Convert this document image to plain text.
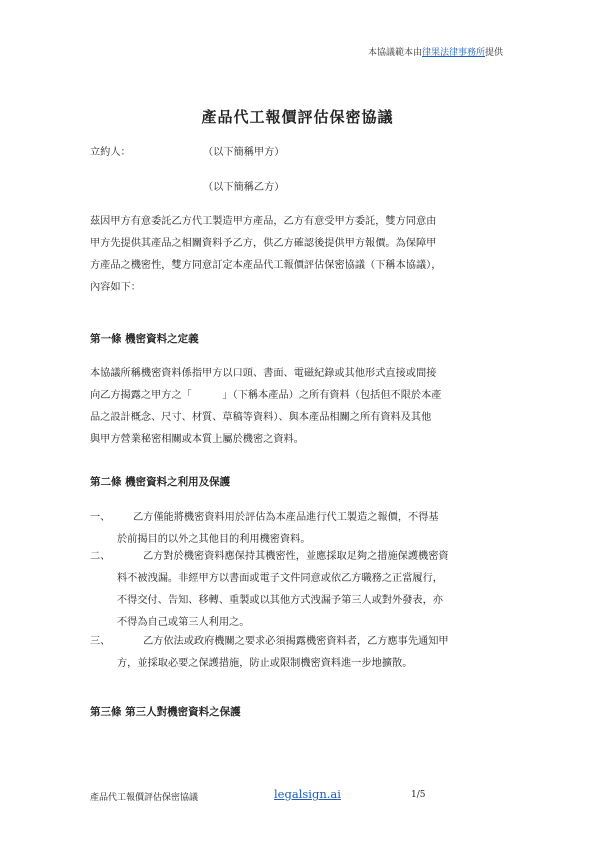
本協議範本由律果法律事務所提供
產品代工報價評估保密協議
立約人：	（以下簡稱甲方）
（以下簡稱乙方）
茲因甲方有意委託乙方代工製造甲方產品，乙方有意受甲方委託，雙方同意由
甲方先提供其產品之相關資料予乙方，供乙方確認後提供甲方報價。為保障甲
方產品之機密性，雙方同意訂定本產品代工報價評估保密協議（下稱本協議），
內容如下：
第一條 機密資料之定義
本協議所稱機密資料係指甲方以口頭、書面、電磁紀錄或其他形式直接或間接
向乙方揭露之甲方之「　　　」（下稱本產品）之所有資料（包括但不限於本產
品之設計概念、尺寸、材質、草稿等資料）、與本產品相關之所有資料及其他
與甲方營業秘密相關或本質上屬於機密之資料。
第二條 機密資料之利用及保護
一、	乙方僅能將機密資料用於評估為本產品進行代工製造之報價，不得基
於前揭目的以外之其他目的利用機密資料。
二、	乙方對於機密資料應保持其機密性，並應採取足夠之措施保護機密資
料不被洩漏。非經甲方以書面或電子文件同意或依乙方職務之正當履行，
不得交付、告知、移轉、重製或以其他方式洩漏予第三人或對外發表，亦
不得為自己或第三人利用之。
三、	乙方依法或政府機關之要求必須揭露機密資料者，乙方應事先通知甲
方，並採取必要之保護措施，防止或限制機密資料進一步地擴散。
第三條 第三人對機密資料之保護
產品代工報價評估保密協議	legalsign.ai	1/5
